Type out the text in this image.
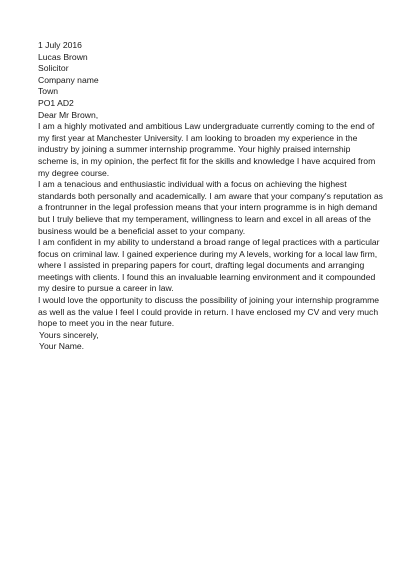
1 July 2016
Lucas Brown
Solicitor
Company name
Town
PO1 AD2
Dear Mr Brown,
I am a highly motivated and ambitious Law undergraduate currently coming to the end of
my first year at Manchester University. I am looking to broaden my experience in the
industry by joining a summer internship programme. Your highly praised internship
scheme is, in my opinion, the perfect fit for the skills and knowledge I have acquired from
my degree course.
I am a tenacious and enthusiastic individual with a focus on achieving the highest
standards both personally and academically. I am aware that your company's reputation as
a frontrunner in the legal profession means that your intern programme is in high demand
but I truly believe that my temperament, willingness to learn and excel in all areas of the
business would be a beneficial asset to your company.
I am confident in my ability to understand a broad range of legal practices with a particular
focus on criminal law. I gained experience during my A levels, working for a local law firm,
where I assisted in preparing papers for court, drafting legal documents and arranging
meetings with clients. I found this an invaluable learning environment and it compounded
my desire to pursue a career in law.
I would love the opportunity to discuss the possibility of joining your internship programme
as well as the value I feel I could provide in return. I have enclosed my CV and very much
hope to meet you in the near future.
Yours sincerely,
Your Name.
